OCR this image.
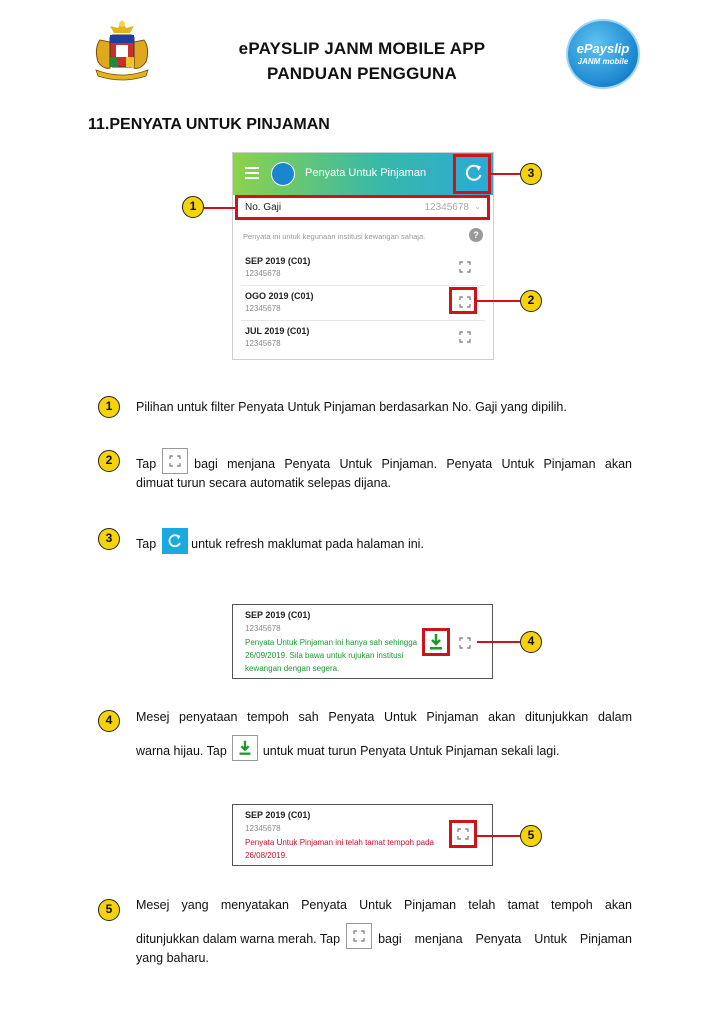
ePAYSLIP JANM MOBILE APP
PANDUAN PENGGUNA
ePayslip
JANM mobile
11.PENYATA UNTUK PINJAMAN
Penyata Untuk Pinjaman
No. Gaji	12345678 ⌄
Penyata ini untuk kegunaan institusi kewangan sahaja.	?
SEP 2019 (C01)
12345678
OGO 2019 (C01)
12345678
JUL 2019 (C01)
12345678
1
3
2
1	Pilihan untuk filter Penyata Untuk Pinjaman berdasarkan No. Gaji yang dipilih.
2	Tap	bagi menjana Penyata Untuk Pinjaman. Penyata Untuk Pinjaman akan
dimuat turun secara automatik selepas dijana.
3	Tap	untuk refresh maklumat pada halaman ini.
SEP 2019 (C01)
12345678
Penyata Untuk Pinjaman ini hanya sah sehingga
26/09/2019. Sila bawa untuk rujukan institusi
kewangan dengan segera.
4
4	Mesej penyataan tempoh sah Penyata Untuk Pinjaman akan ditunjukkan dalam
warna hijau. Tap	untuk muat turun Penyata Untuk Pinjaman sekali lagi.
SEP 2019 (C01)
12345678
Penyata Untuk Pinjaman ini telah tamat tempoh pada
26/08/2019.
5
5	Mesej yang menyatakan Penyata Untuk Pinjaman telah tamat tempoh akan
ditunjukkan dalam warna merah. Tap	bagi menjana Penyata Untuk Pinjaman
yang baharu.
